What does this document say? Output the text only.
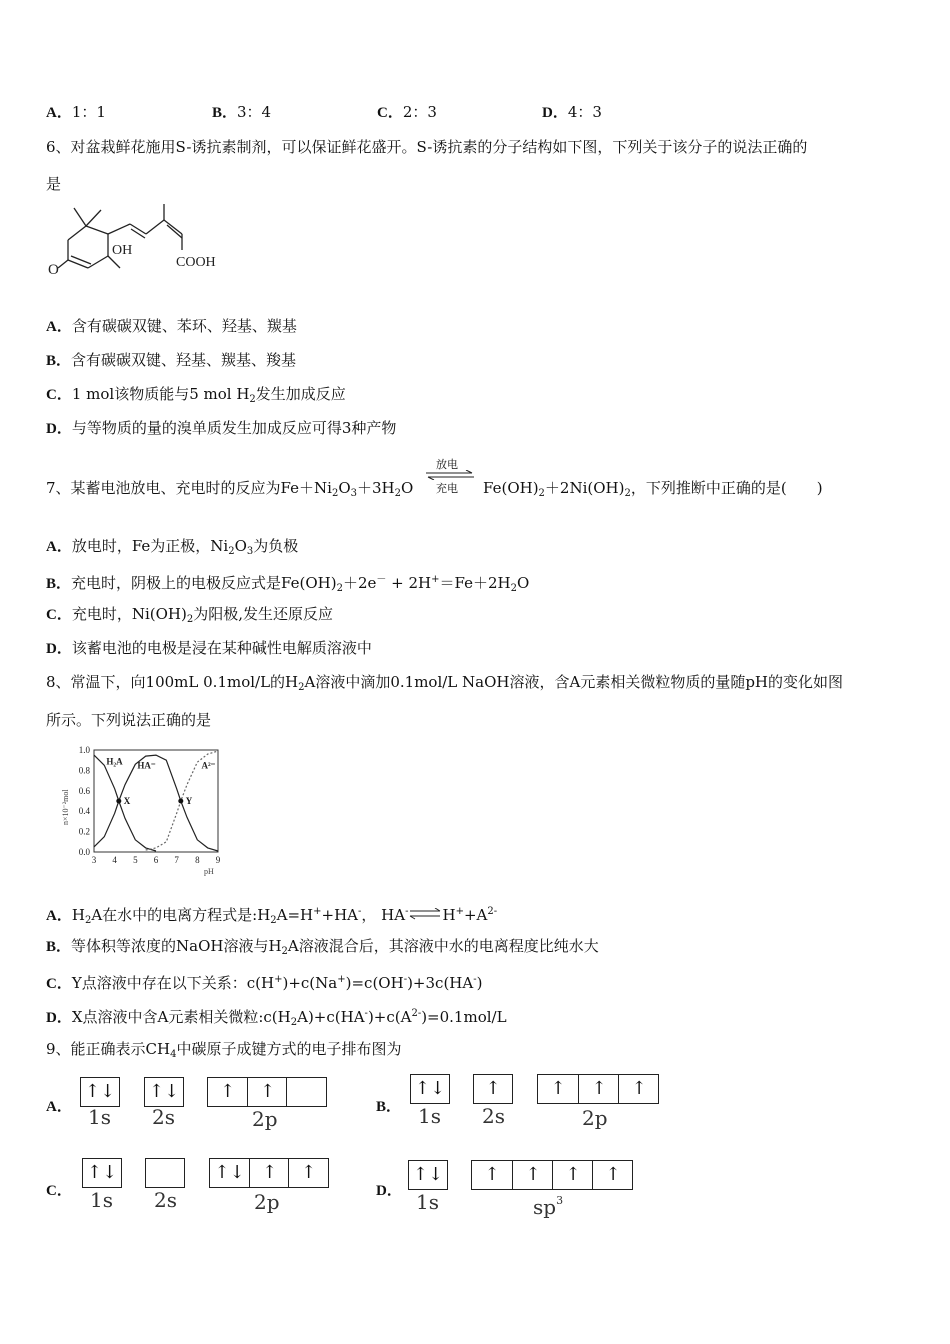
A．1：1	B．3：4	C．2：3	D．4：3
6、对盆栽鲜花施用S-诱抗素制剂，可以保证鲜花盛开。S-诱抗素的分子结构如下图，下列关于该分子的说法正确的
是
OH
O	COOH
A．含有碳碳双键、苯环、羟基、羰基
B．含有碳碳双键、羟基、羰基、羧基
C．1 mol该物质能与5 mol $H_2$发生加成反应
D．与等物质的量的溴单质发生加成反应可得3种产物
7、某蓄电池放电、充电时的反应为$Fe+Ni_2O_3+3H_2O$
放电
充电 $Fe(OH)_2+2Ni(OH)_2$，下列推断中正确的是(　　)
A．放电时，Fe为正极，$Ni_2O_3$为负极
B．充电时，阴极上的电极反应式是$Fe(OH)_2+2e^- + 2H^+=Fe+2H_2O$
C．充电时，$Ni(OH)_2$为阳极,发生还原反应
D．该蓄电池的电极是浸在某种碱性电解质溶液中
8、常温下，向100mL 0.1mol/L的$H_2A$溶液中滴加0.1mol/L NaOH溶液，含A元素相关微粒物质的量随pH的变化如图
所示。下列说法正确的是
0.0
0.2
0.4
0.6
0.8
1.0
3 4 5 6 7 8 9
pH
n×10⁻²mol
H₂A HA⁻	A²⁻
X	Y
A．$H_2A$在水中的电离方程式是$:H_2A=H^++HA^-$， $HA^-\rightleftharpoons H^++A^{2-}$
B．等体积等浓度的NaOH溶液与$H_2A$溶液混合后，其溶液中水的电离程度比纯水大
C．Y点溶液中存在以下关系：c(H+)+c(Na+)=c(OH-)+3c(HA-)
D．X点溶液中含A元素相关微粒$:c(H_2A)+c(HA^-)+c(A^{2-})=0.1mol/L$
9、能正确表示$CH_4$中碳原子成键方式的电子排布图为
A．
↑↓ ↑↓	↑	↑
1s 2s	2p	B．
↑↓	↑	↑	↑	↑
1s 2s	2p
C．
↑↓	↑↓ ↑	↑
1s 2s	2p	D．
↑↓	↑	↑	↑	↑
1s	$sp^3$
